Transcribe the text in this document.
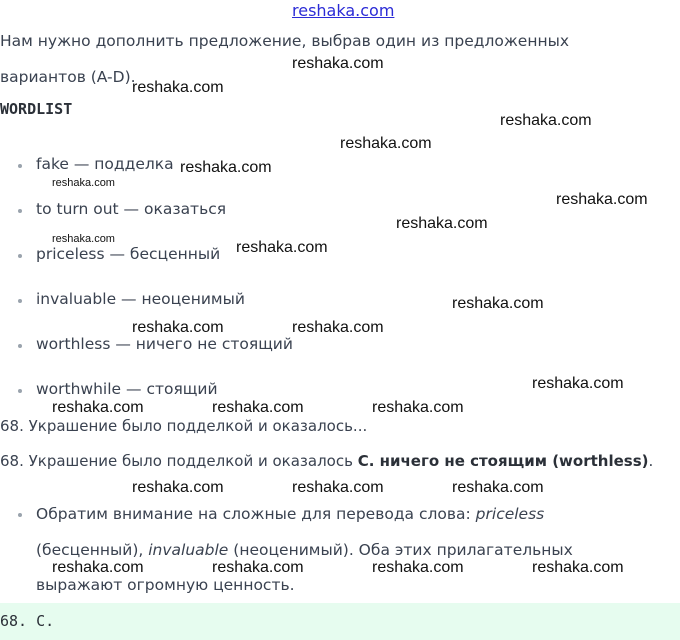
reshaka.com
Нам нужно дополнить предложение, выбрав один из предложенных
вариантов (A-D).
WORDLIST
fake — подделка
to turn out — оказаться
priceless — бесценный
invaluable — неоценимый
worthless — ничего не стоящий
worthwhile — стоящий
68. Украшение было подделкой и оказалось...
68. Украшение было подделкой и оказалось C. ничего не стоящим (worthless).
Обратим внимание на сложные для перевода слова: priceless
(бесценный), invaluable (неоценимый). Оба этих прилагательных
выражают огромную ценность.
68. C.
reshaka.com
reshaka.com
reshaka.com
reshaka.com
reshaka.com
reshaka.com
reshaka.com
reshaka.com
reshaka.com	reshaka.com
reshaka.com
reshaka.com	reshaka.com
reshaka.com
reshaka.com	reshaka.com	reshaka.com
reshaka.com	reshaka.com	reshaka.com
reshaka.com	reshaka.com	reshaka.com	reshaka.com
